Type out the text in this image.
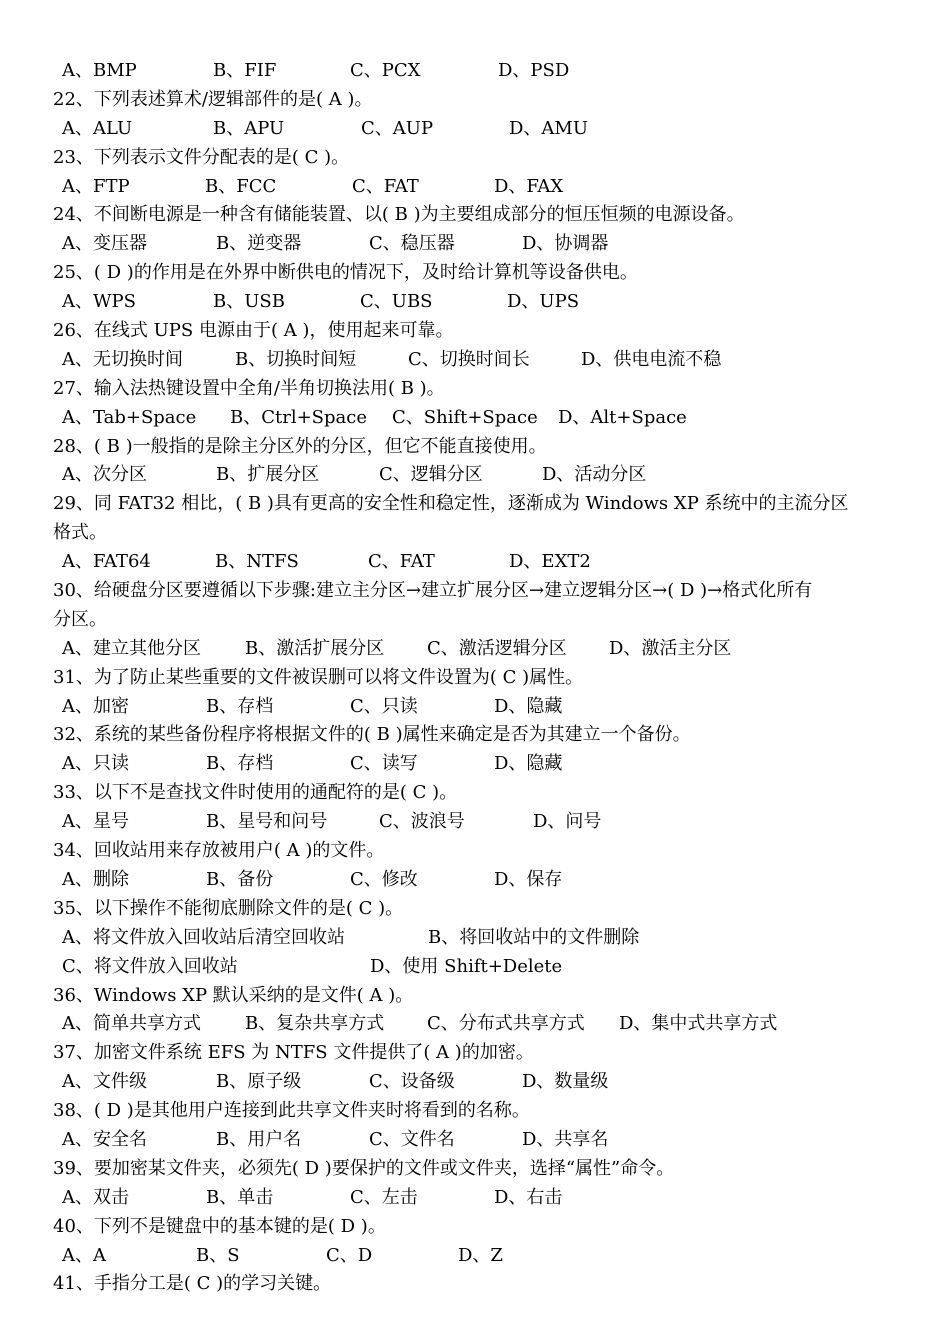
A、BMP	B、FIF	C、PCX	D、PSD
22、下列表述算术/逻辑部件的是( A )。
A、ALU	B、APU	C、AUP	D、AMU
23、下列表示文件分配表的是( C )。
A、FTP	B、FCC	C、FAT	D、FAX
24、不间断电源是一种含有储能装置、以( B )为主要组成部分的恒压恒频的电源设备。
A、变压器	B、逆变器	C、稳压器	D、协调器
25、( D )的作用是在外界中断供电的情况下，及时给计算机等设备供电。
A、WPS	B、USB	C、UBS	D、UPS
26、在线式 UPS 电源由于( A )，使用起来可靠。
A、无切换时间	B、切换时间短	C、切换时间长	D、供电电流不稳
27、输入法热键设置中全角/半角切换法用( B )。
A、Tab+Space B、Ctrl+Space C、Shift+Space D、Alt+Space
28、( B )一般指的是除主分区外的分区，但它不能直接使用。
A、次分区	B、扩展分区	C、逻辑分区	D、活动分区
29、同 FAT32 相比，( B )具有更高的安全性和稳定性，逐渐成为 Windows XP 系统中的主流分区
格式。
A、FAT64	B、NTFS	C、FAT	D、EXT2
30、给硬盘分区要遵循以下步骤:建立主分区→建立扩展分区→建立逻辑分区→( D )→格式化所有
分区。
A、建立其他分区 B、激活扩展分区 C、激活逻辑分区 D、激活主分区
31、为了防止某些重要的文件被误删可以将文件设置为( C )属性。
A、加密	B、存档	C、只读	D、隐藏
32、系统的某些备份程序将根据文件的( B )属性来确定是否为其建立一个备份。
A、只读	B、存档	C、读写	D、隐藏
33、以下不是查找文件时使用的通配符的是( C )。
A、星号	B、星号和问号	C、波浪号	D、问号
34、回收站用来存放被用户( A )的文件。
A、删除	B、备份	C、修改	D、保存
35、以下操作不能彻底删除文件的是( C )。
A、将文件放入回收站后清空回收站	B、将回收站中的文件删除
C、将文件放入回收站	D、使用 Shift+Delete
36、Windows XP 默认采纳的是文件( A )。
A、简单共享方式 B、复杂共享方式 C、分布式共享方式 D、集中式共享方式
37、加密文件系统 EFS 为 NTFS 文件提供了( A )的加密。
A、文件级	B、原子级	C、设备级	D、数量级
38、( D )是其他用户连接到此共享文件夹时将看到的名称。
A、安全名	B、用户名	C、文件名	D、共享名
39、要加密某文件夹，必须先( D )要保护的文件或文件夹，选择“属性”命令。
A、双击	B、单击	C、左击	D、右击
40、下列不是键盘中的基本键的是( D )。
A、A	B、S	C、D	D、Z
41、手指分工是( C )的学习关键。
